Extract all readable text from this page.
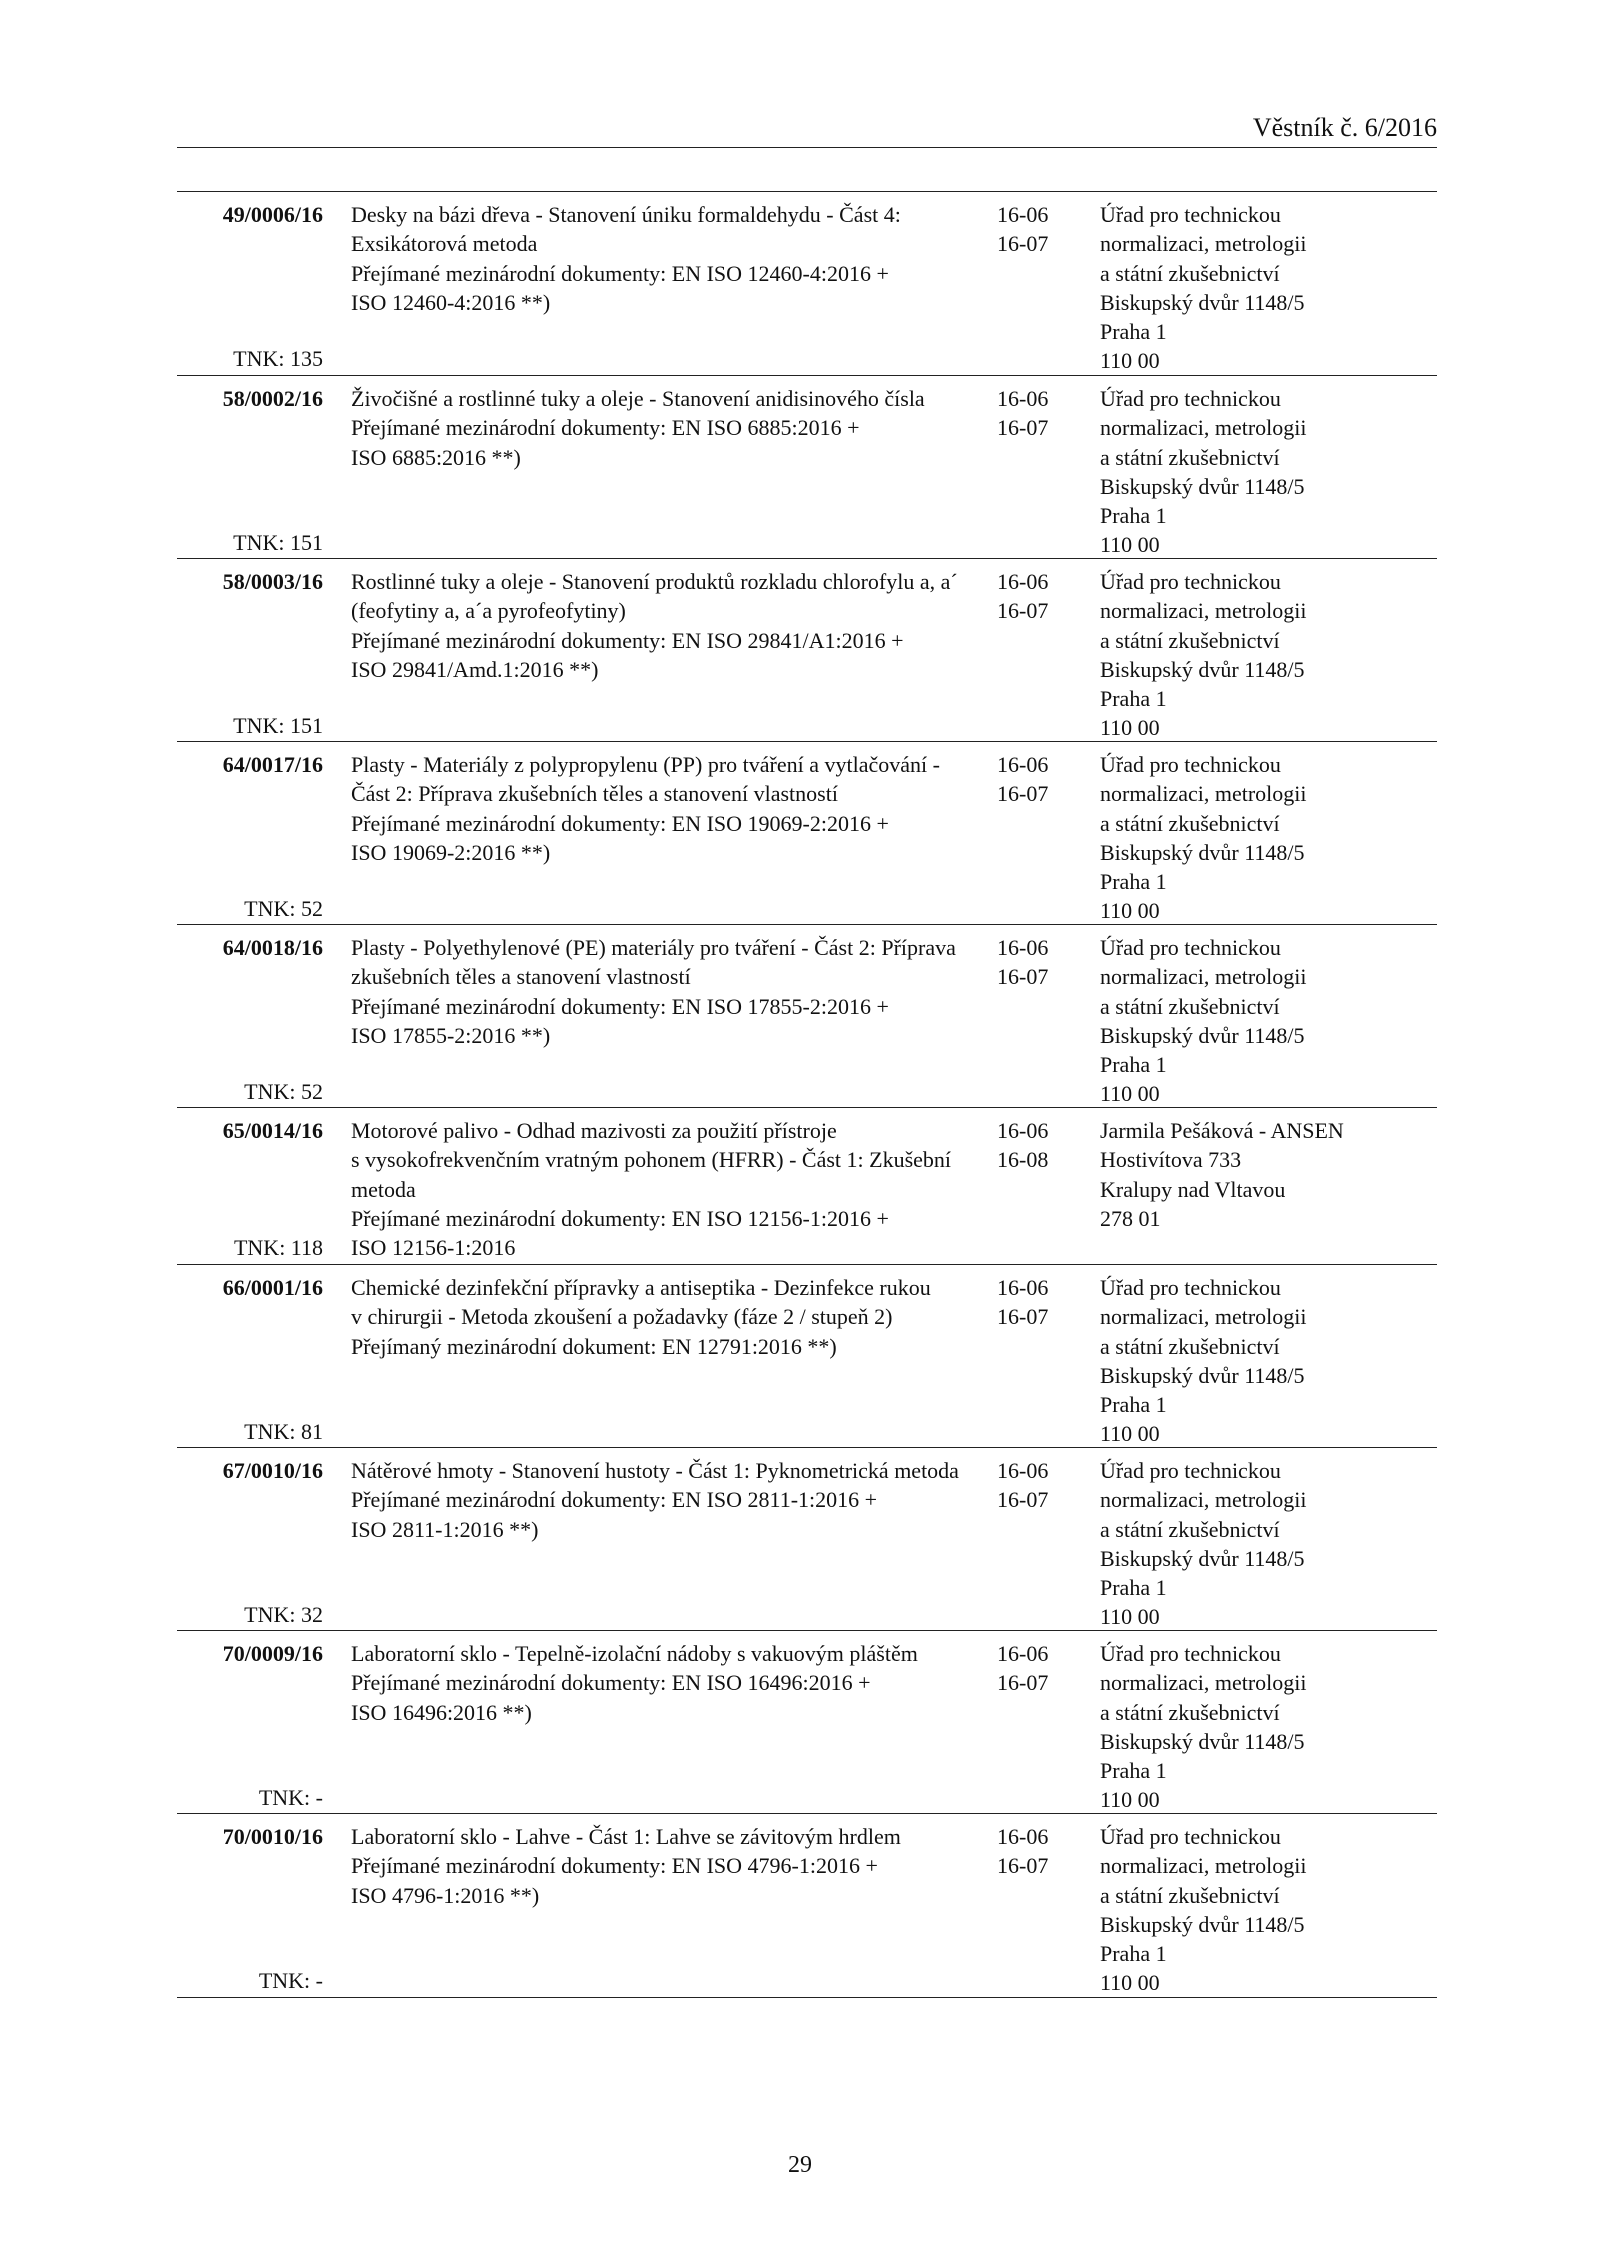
Věstník č. 6/2016
49/0006/16
TNK: 135
Desky na bázi dřeva - Stanovení úniku formaldehydu - Část 4:
Exsikátorová metoda
Přejímané mezinárodní dokumenty: EN ISO 12460-4:2016 +
ISO 12460-4:2016 **)
16-06
16-07
Úřad pro technickou
normalizaci, metrologii
a státní zkušebnictví
Biskupský dvůr 1148/5
Praha 1
110 00
58/0002/16
TNK: 151
Živočišné a rostlinné tuky a oleje - Stanovení anidisinového čísla
Přejímané mezinárodní dokumenty: EN ISO 6885:2016 +
ISO 6885:2016 **)
16-06
16-07
Úřad pro technickou
normalizaci, metrologii
a státní zkušebnictví
Biskupský dvůr 1148/5
Praha 1
110 00
58/0003/16
TNK: 151
Rostlinné tuky a oleje - Stanovení produktů rozkladu chlorofylu a, a´
(feofytiny a, a´a pyrofeofytiny)
Přejímané mezinárodní dokumenty: EN ISO 29841/A1:2016 +
ISO 29841/Amd.1:2016 **)
16-06
16-07
Úřad pro technickou
normalizaci, metrologii
a státní zkušebnictví
Biskupský dvůr 1148/5
Praha 1
110 00
64/0017/16
TNK: 52
Plasty - Materiály z polypropylenu (PP) pro tváření a vytlačování -
Část 2: Příprava zkušebních těles a stanovení vlastností
Přejímané mezinárodní dokumenty: EN ISO 19069-2:2016 +
ISO 19069-2:2016 **)
16-06
16-07
Úřad pro technickou
normalizaci, metrologii
a státní zkušebnictví
Biskupský dvůr 1148/5
Praha 1
110 00
64/0018/16
TNK: 52
Plasty - Polyethylenové (PE) materiály pro tváření - Část 2: Příprava
zkušebních těles a stanovení vlastností
Přejímané mezinárodní dokumenty: EN ISO 17855-2:2016 +
ISO 17855-2:2016 **)
16-06
16-07
Úřad pro technickou
normalizaci, metrologii
a státní zkušebnictví
Biskupský dvůr 1148/5
Praha 1
110 00
65/0014/16
TNK: 118
Motorové palivo - Odhad mazivosti za použití přístroje
s vysokofrekvenčním vratným pohonem (HFRR) - Část 1: Zkušební
metoda
Přejímané mezinárodní dokumenty: EN ISO 12156-1:2016 +
ISO 12156-1:2016
16-06
16-08
Jarmila Pešáková - ANSEN
Hostivítova 733
Kralupy nad Vltavou
278 01
66/0001/16
TNK: 81
Chemické dezinfekční přípravky a antiseptika - Dezinfekce rukou
v chirurgii - Metoda zkoušení a požadavky (fáze 2 / stupeň 2)
Přejímaný mezinárodní dokument: EN 12791:2016 **)
16-06
16-07
Úřad pro technickou
normalizaci, metrologii
a státní zkušebnictví
Biskupský dvůr 1148/5
Praha 1
110 00
67/0010/16
TNK: 32
Nátěrové hmoty - Stanovení hustoty - Část 1: Pyknometrická metoda
Přejímané mezinárodní dokumenty: EN ISO 2811-1:2016 +
ISO 2811-1:2016 **)
16-06
16-07
Úřad pro technickou
normalizaci, metrologii
a státní zkušebnictví
Biskupský dvůr 1148/5
Praha 1
110 00
70/0009/16
TNK: -
Laboratorní sklo - Tepelně-izolační nádoby s vakuovým pláštěm
Přejímané mezinárodní dokumenty: EN ISO 16496:2016 +
ISO 16496:2016 **)
16-06
16-07
Úřad pro technickou
normalizaci, metrologii
a státní zkušebnictví
Biskupský dvůr 1148/5
Praha 1
110 00
70/0010/16
TNK: -
Laboratorní sklo - Lahve - Část 1: Lahve se závitovým hrdlem
Přejímané mezinárodní dokumenty: EN ISO 4796-1:2016 +
ISO 4796-1:2016 **)
16-06
16-07
Úřad pro technickou
normalizaci, metrologii
a státní zkušebnictví
Biskupský dvůr 1148/5
Praha 1
110 00
29
